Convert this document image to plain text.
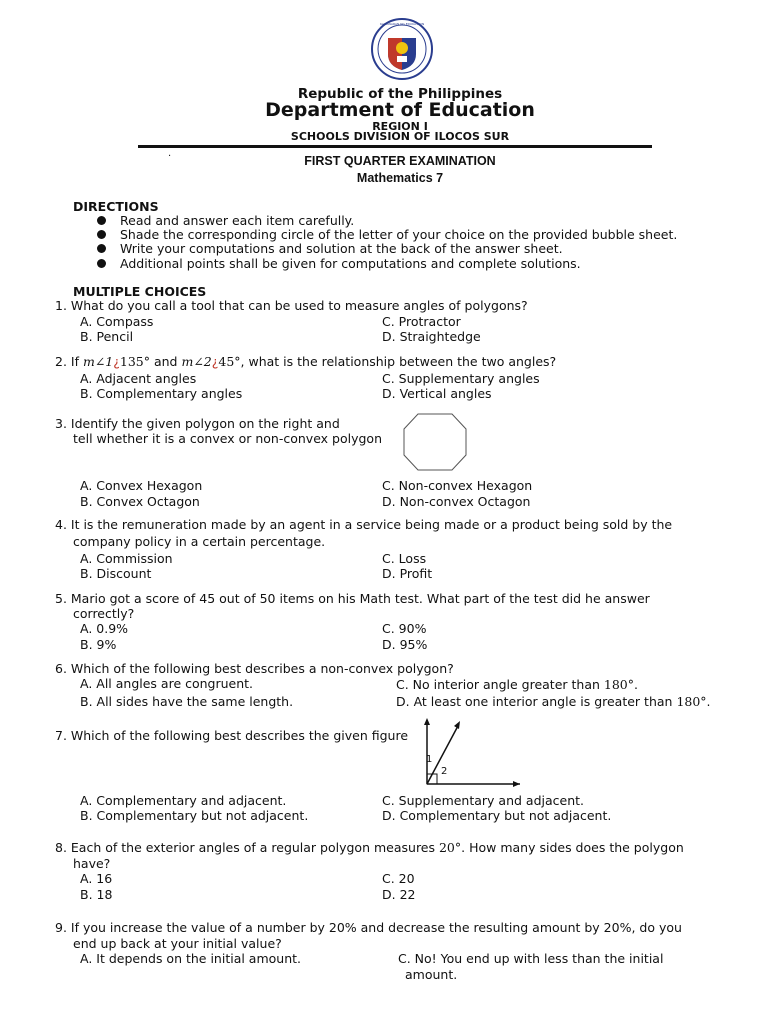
KAGAWARAN NG EDUKASYON
Republic of the Philippines
Department of Education
REGION I
SCHOOLS DIVISION OF ILOCOS SUR
·	FIRST QUARTER EXAMINATION
Mathematics 7
DIRECTIONS
Read and answer each item carefully.
Shade the corresponding circle of the letter of your choice on the provided bubble sheet.
Write your computations and solution at the back of the answer sheet.
Additional points shall be given for computations and complete solutions.
MULTIPLE CHOICES
1. What do you call a tool that can be used to measure angles of polygons?
A. Compass
B. Pencil
C. Protractor
D. Straightedge
2. If m∠1¿135° and m∠2¿45°, what is the relationship between the two angles?
A. Adjacent angles
B. Complementary angles
C. Supplementary angles
D. Vertical angles
3. Identify the given polygon on the right and
tell whether it is a convex or non-convex polygon
A. Convex Hexagon
B. Convex Octagon
C. Non-convex Hexagon
D. Non-convex Octagon
4. It is the remuneration made by an agent in a service being made or a product being sold by the
company policy in a certain percentage.
A. Commission
B. Discount
C. Loss
D. Profit
5. Mario got a score of 45 out of 50 items on his Math test. What part of the test did he answer
correctly?
A. 0.9%
B. 9%
C. 90%
D. 95%
6. Which of the following best describes a non-convex polygon?
A. All angles are congruent.
B. All sides have the same length.
C. No interior angle greater than 180°.
D. At least one interior angle is greater than 180°.
7. Which of the following best describes the given figure
1
2
A. Complementary and adjacent.
B. Complementary but not adjacent.
C. Supplementary and adjacent.
D. Complementary but not adjacent.
8. Each of the exterior angles of a regular polygon measures 20°. How many sides does the polygon
have?
A. 16
B. 18
C. 20
D. 22
9. If you increase the value of a number by 20% and decrease the resulting amount by 20%, do you
end up back at your initial value?
A. It depends on the initial amount.	C. No! You end up with less than the initial
amount.
